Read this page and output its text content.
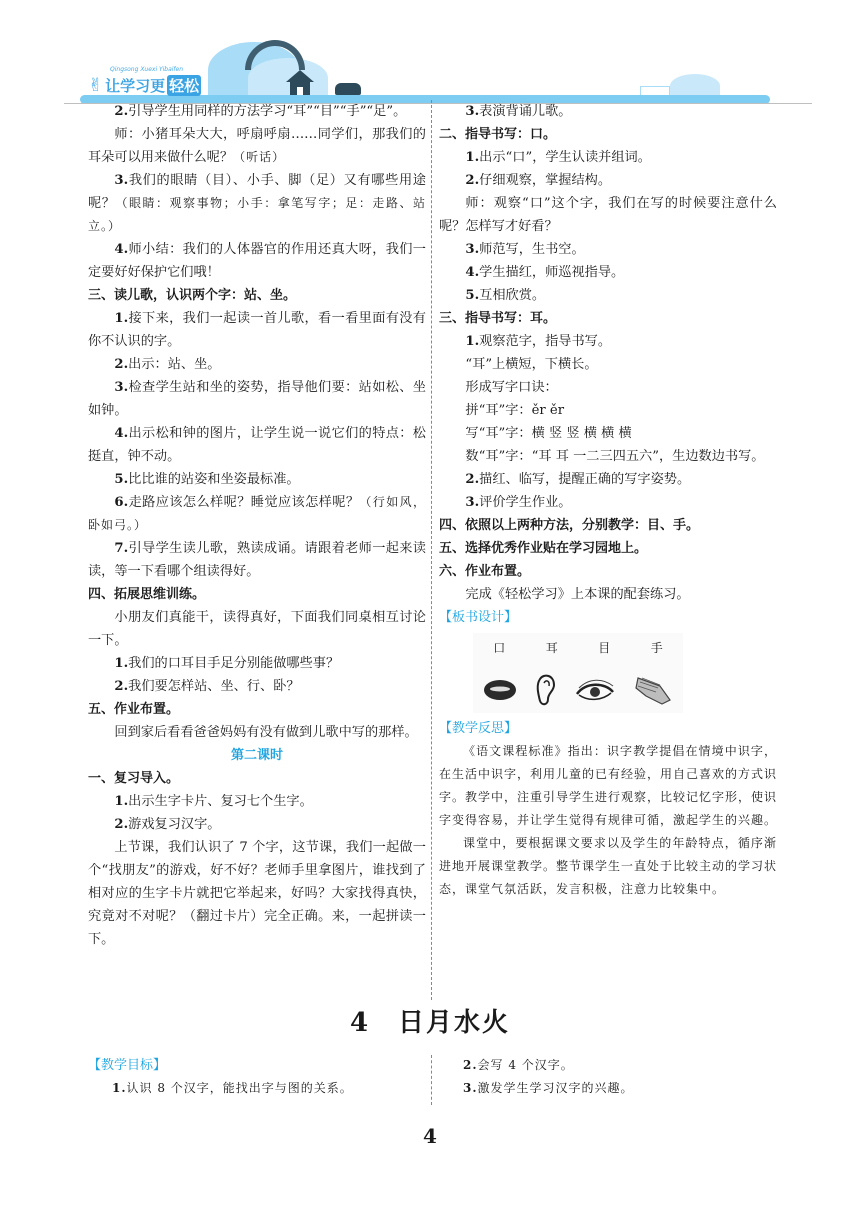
✌
Qingsong Xuexi Yibaifen
让学习更 轻松

2.引导学生用同样的方法学习“耳”“目”“手”“足”。

师：小猪耳朵大大，呼扇呼扇……同学们，那我们的耳朵可以用来做什么呢？（听话）

3.我们的眼睛（目）、小手、脚（足）又有哪些用途呢？（眼睛：观察事物；小手：拿笔写字；足：走路、站立。）

4.师小结：我们的人体器官的作用还真大呀，我们一定要好好保护它们哦！

三、读儿歌，认识两个字：站、坐。

1.接下来，我们一起读一首儿歌，看一看里面有没有你不认识的字。

2.出示：站、坐。

3.检查学生站和坐的姿势，指导他们要：站如松、坐如钟。

4.出示松和钟的图片，让学生说一说它们的特点：松挺直，钟不动。

5.比比谁的站姿和坐姿最标准。

6.走路应该怎么样呢？睡觉应该怎样呢？（行如风，卧如弓。）

7.引导学生读儿歌，熟读成诵。请跟着老师一起来读读，等一下看哪个组读得好。

四、拓展思维训练。

小朋友们真能干，读得真好，下面我们同桌相互讨论一下。

1.我们的口耳目手足分别能做哪些事？

2.我们要怎样站、坐、行、卧？

五、作业布置。

回到家后看看爸爸妈妈有没有做到儿歌中写的那样。

第二课时

一、复习导入。

1.出示生字卡片、复习七个生字。

2.游戏复习汉字。

上节课，我们认识了 7 个字，这节课，我们一起做一个“找朋友”的游戏，好不好？老师手里拿图片，谁找到了相对应的生字卡片就把它举起来，好吗？大家找得真快，究竟对不对呢？（翻过卡片）完全正确。来，一起拼读一下。

3.表演背诵儿歌。

二、指导书写：口。

1.出示“口”，学生认读并组词。

2.仔细观察，掌握结构。

师：观察“口”这个字，我们在写的时候要注意什么呢？怎样写才好看？

3.师范写，生书空。

4.学生描红，师巡视指导。

5.互相欣赏。

三、指导书写：耳。

1.观察范字，指导书写。

“耳”上横短，下横长。

形成写字口诀：

拼“耳”字：ěr ěr

写“耳”字：横 竖 竖 横 横 横

数“耳”字：“耳 耳 一二三四五六”，生边数边书写。

2.描红、临写，提醒正确的写字姿势。

3.评价学生作业。

四、依照以上两种方法，分别教学：目、手。

五、选择优秀作业贴在学习园地上。

六、作业布置。

完成《轻松学习》上本课的配套练习。

【板书设计】

口	耳	目	手

【教学反思】

《语文课程标准》指出：识字教学提倡在情境中识字，在生活中识字，利用儿童的已有经验，用自己喜欢的方式识字。教学中，注重引导学生进行观察，比较记忆字形，使识字变得容易，并让学生觉得有规律可循，激起学生的兴趣。

课堂中，要根据课文要求以及学生的年龄特点，循序渐进地开展课堂教学。整节课学生一直处于比较主动的学习状态，课堂气氛活跃，发言积极，注意力比较集中。

4　日月水火

【教学目标】

1.认识 8 个汉字，能找出字与图的关系。

2.会写 4 个汉字。

3.激发学生学习汉字的兴趣。

4
